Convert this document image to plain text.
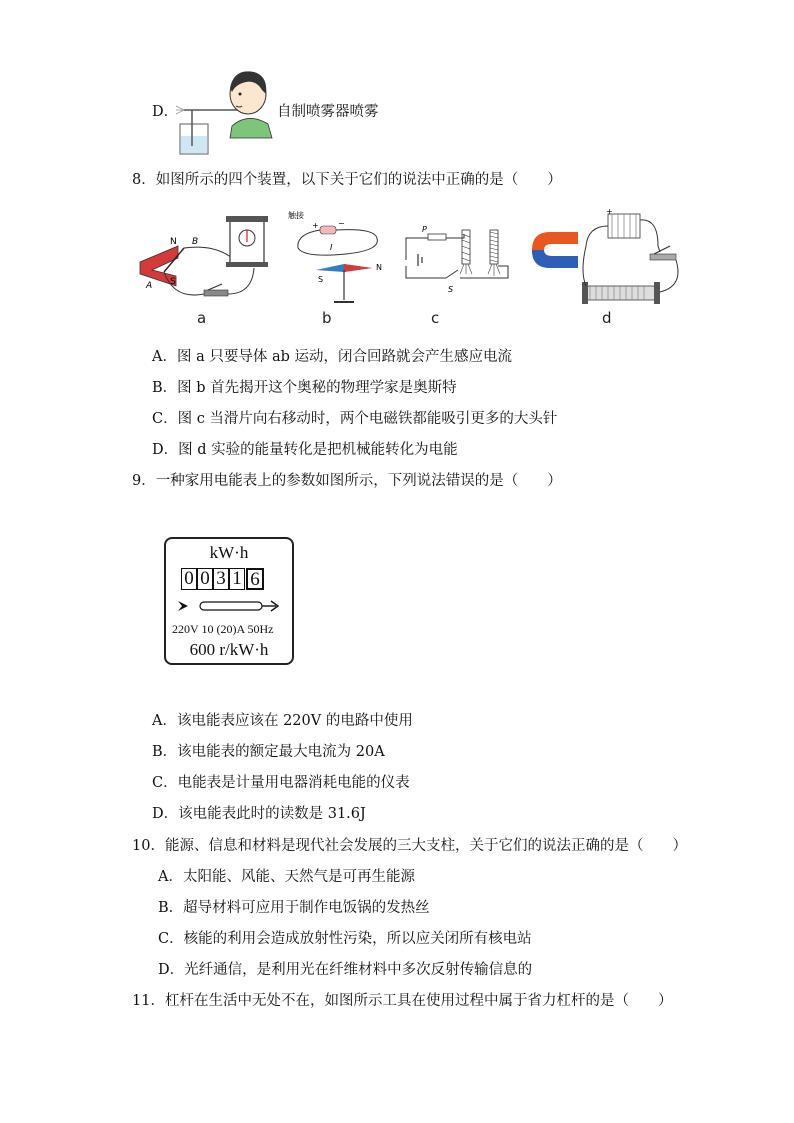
D．	自制喷雾器喷雾
8．如图所示的四个装置，以下关于它们的说法中正确的是（　　）
N B
S
A
a
触接
+ −
I
S
N
b
P
S
c
+
d
A．图 a 只要导体 ab 运动，闭合回路就会产生感应电流
B．图 b 首先揭开这个奥秘的物理学家是奥斯特
C．图 c 当滑片向右移动时，两个电磁铁都能吸引更多的大头针
D．图 d 实验的能量转化是把机械能转化为电能
9．一种家用电能表上的参数如图所示，下列说法错误的是（　　）
kW·h
0 0 3 1 6
220V 10 (20)A 50Hz
600 r/kW·h
A．该电能表应该在 220V 的电路中使用
B．该电能表的额定最大电流为 20A
C．电能表是计量用电器消耗电能的仪表
D．该电能表此时的读数是 31.6J
10．能源、信息和材料是现代社会发展的三大支柱，关于它们的说法正确的是（　　）
A．太阳能、风能、天然气是可再生能源
B．超导材料可应用于制作电饭锅的发热丝
C．核能的利用会造成放射性污染，所以应关闭所有核电站
D．光纤通信，是利用光在纤维材料中多次反射传输信息的
11．杠杆在生活中无处不在，如图所示工具在使用过程中属于省力杠杆的是（　　）
